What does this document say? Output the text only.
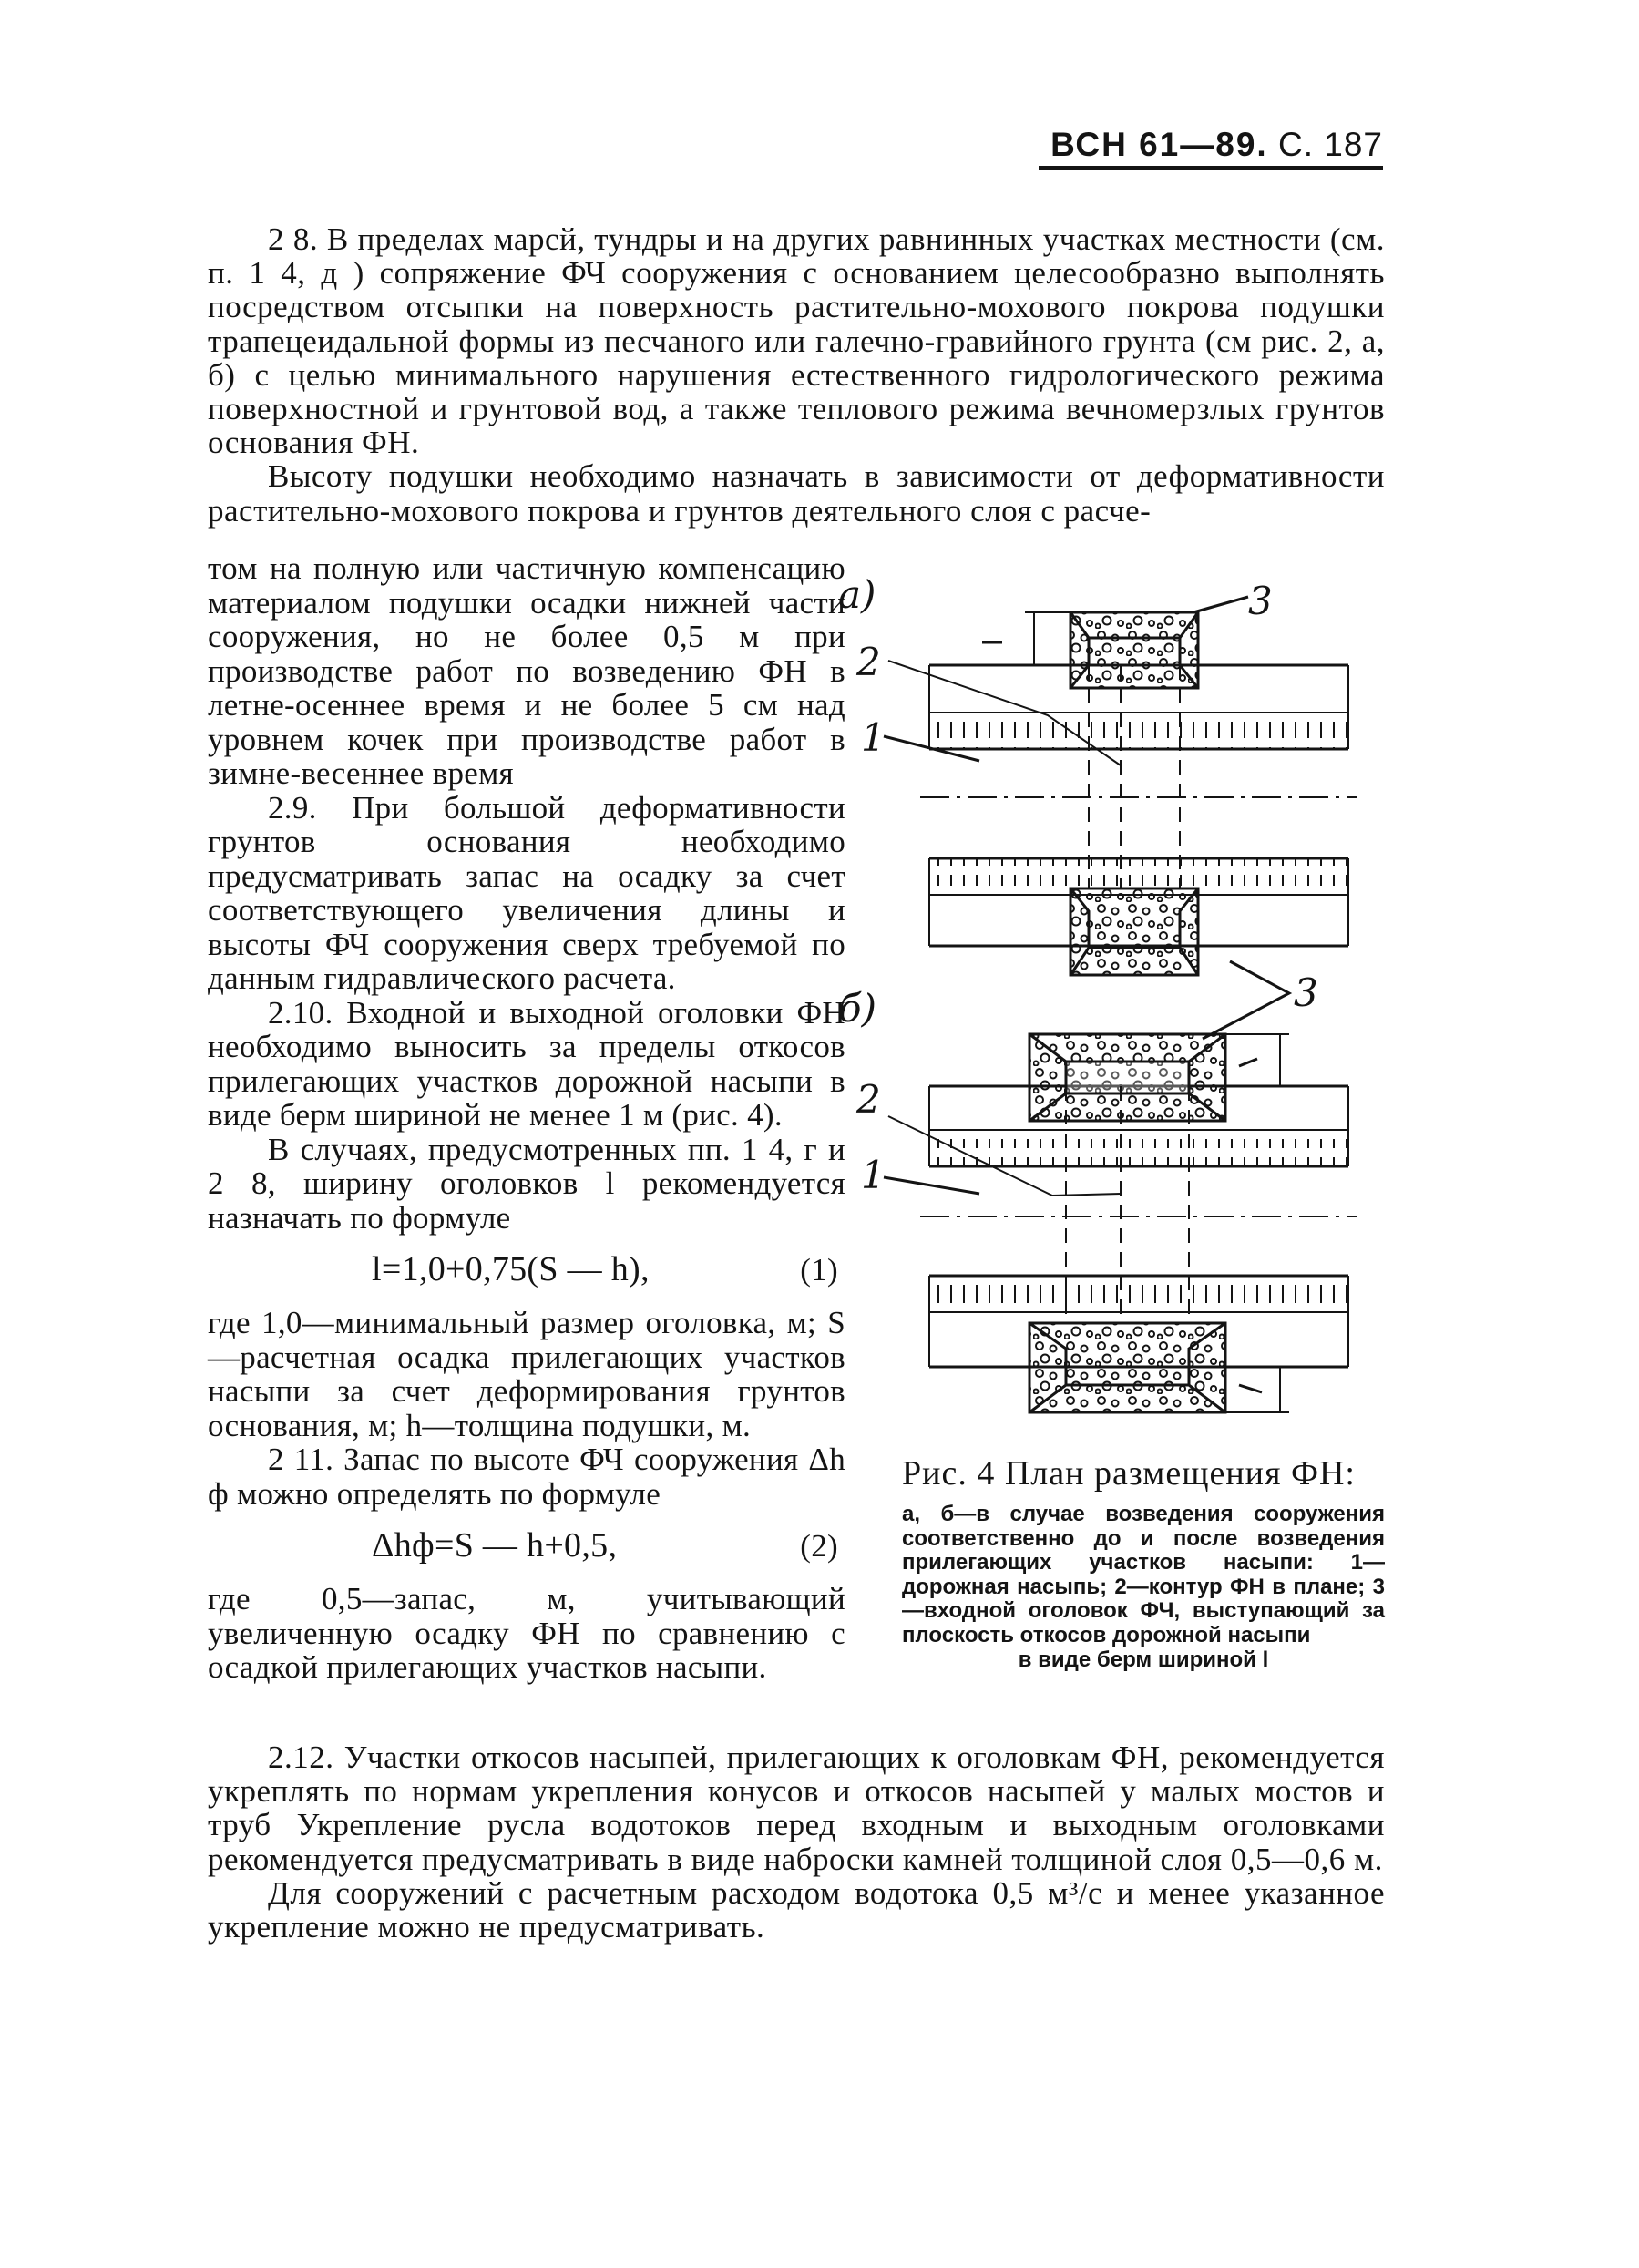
ВСН 61—89. С. 187

2 8. В пределах марсй, тундры и на других равнинных участках местности (см. п. 1 4, д ) сопряжение ФЧ сооружения с основанием целесообразно выполнять посредством отсыпки на поверхность растительно-мохового покрова подушки трапецеидальной формы из песчаного или галечно-гравийного грунта (см рис. 2, а, б) с целью минимального нарушения естественного гидрологического режима поверхностной и грунтовой вод, а также теплового режима вечномерзлых грунтов основания ФН.

Высоту подушки необходимо назначать в зависимости от деформативности растительно-мохового покрова и грунтов деятельного слоя с расче-

том на полную или частичную компенсацию материалом подушки осадки нижней части сооружения, но не более 0,5 м при производстве работ по возведению ФН в летне-осеннее время и не более 5 см над уровнем кочек при производстве работ в зимне-весеннее время

2.9. При большой деформативности грунтов основания необходимо предусматривать запас на осадку за счет соответствующего увеличения длины и высоты ФЧ сооружения сверх требуемой по данным гидравлического расчета.

2.10. Входной и выходной оголовки ФН необходимо выносить за пределы откосов прилегающих участков дорожной насыпи в виде берм шириной не менее 1 м (рис. 4).

В случаях, предусмотренных пп. 1 4, г и 2 8, ширину оголовков l рекомендуется назначать по формуле

l=1,0+0,75(S — h),	(1)

где 1,0—минимальный размер оголовка, м; S—расчетная осадка прилегающих участков насыпи за счет деформирования грунтов основания, м; h—толщина подушки, м.

2 11. Запас по высоте ФЧ сооружения Δh ф можно определять по формуле

Δhф=S — h+0,5,	(2)

где 0,5—запас, м, учитывающий увеличенную осадку ФН по сравнению с осадкой прилегающих участков насыпи.

а)	3
2
1
б)	3
2
1

Рис. 4 План размещения ФН:

а, б—в случае возведения сооружения соответственно до и после возведения прилегающих участков насыпи: 1—дорожная насыпь; 2—контур ФН в плане; 3—входной оголовок ФЧ, выступающий за плоскость откосов дорожной насыпи
в виде берм шириной l

2.12. Участки откосов насыпей, прилегающих к оголовкам ФН, рекомендуется укреплять по нормам укрепления конусов и откосов насыпей у малых мостов и труб Укрепление русла водотоков перед входным и выходным оголовками рекомендуется предусматривать в виде наброски камней толщиной слоя 0,5—0,6 м.

Для сооружений с расчетным расходом водотока 0,5 м³/с и менее указанное укрепление можно не предусматривать.
